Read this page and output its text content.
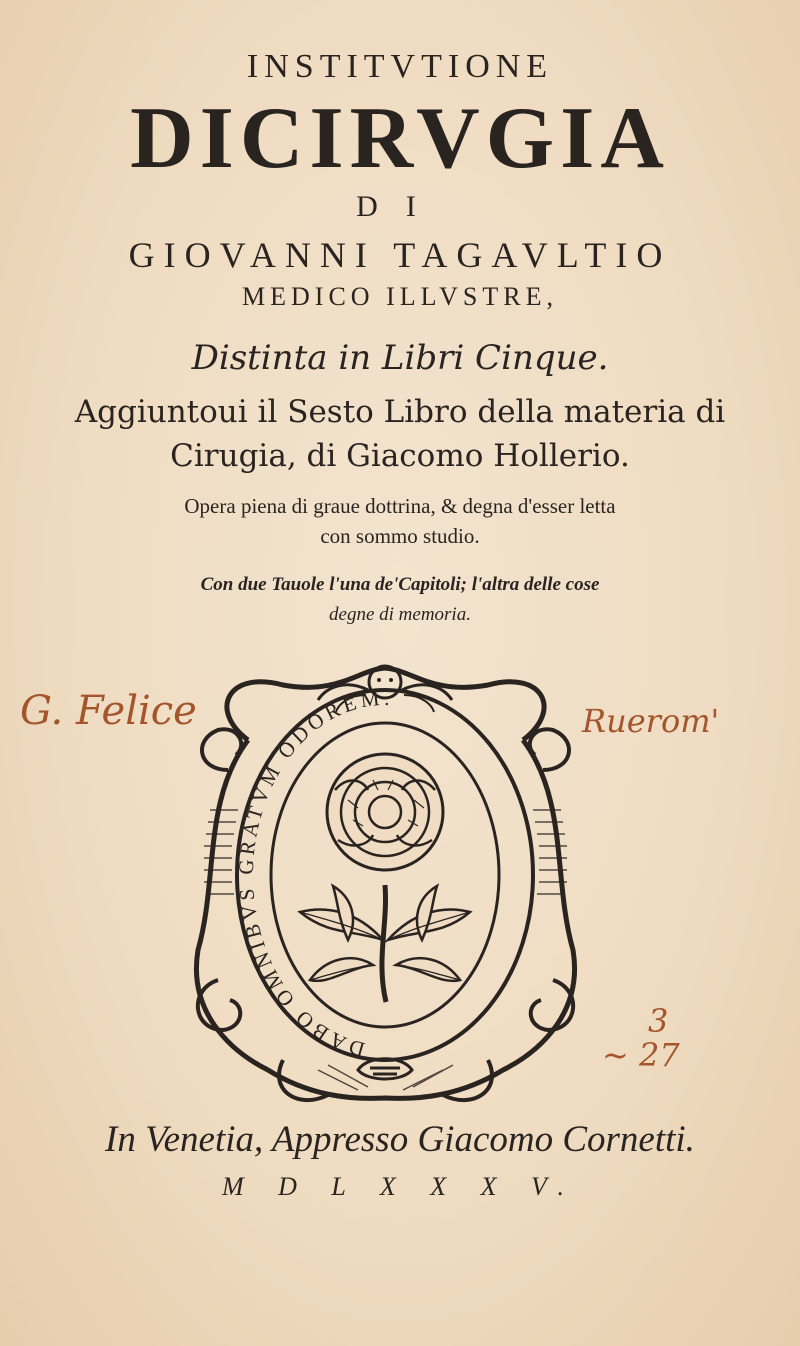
INSTITVTIONE
DICIRVGIA
DI
GIOVANNI TAGAVLTIO
MEDICO ILLVSTRE,
Distinta in Libri Cinque.
Aggiuntoui il Sesto Libro della materia di
Cirugia, di Giacomo Hollerio.
Opera piena di graue dottrina, & degna d'esser letta
con sommo studio.
Con due Tauole l'una de'Capitoli; l'altra delle cose
degne di memoria.
G. Felice	Ruerom'
3
~ 27
DABO OMNIBVS GRATVM ODOREM.
In Venetia, Appresso Giacomo Cornetti.
M D L X X X V.
